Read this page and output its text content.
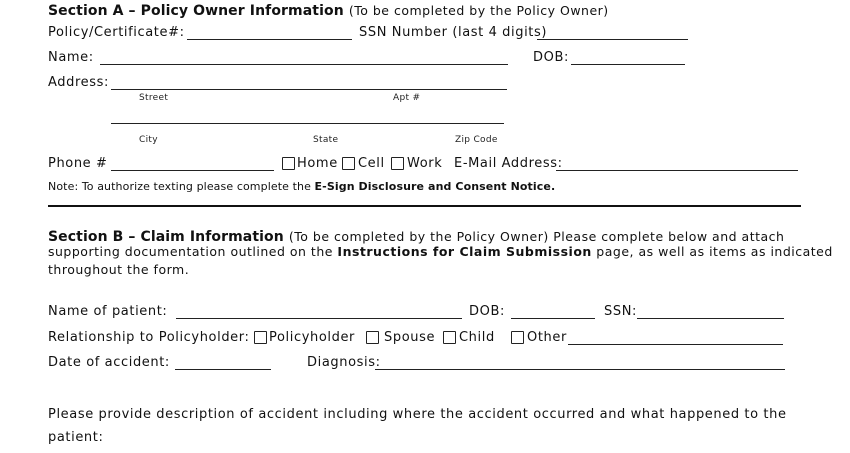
Section A – Policy Owner Information (To be completed by the Policy Owner)
Policy/Certificate#:	SSN Number (last 4 digits)
Name:	DOB:
Address:
Street	Apt #
City	State	Zip Code
Phone #	Home Cell Work E-Mail Address:
Note: To authorize texting please complete the E-Sign Disclosure and Consent Notice.
Section B – Claim Information (To be completed by the Policy Owner) Please complete below and attach
supporting documentation outlined on the Instructions for Claim Submission page, as well as items as indicated
throughout the form.
Name of patient:	DOB:	SSN:
Relationship to Policyholder: Policyholder Spouse Child Other
Date of accident:	Diagnosis:
Please provide description of accident including where the accident occurred and what happened to the
patient:
